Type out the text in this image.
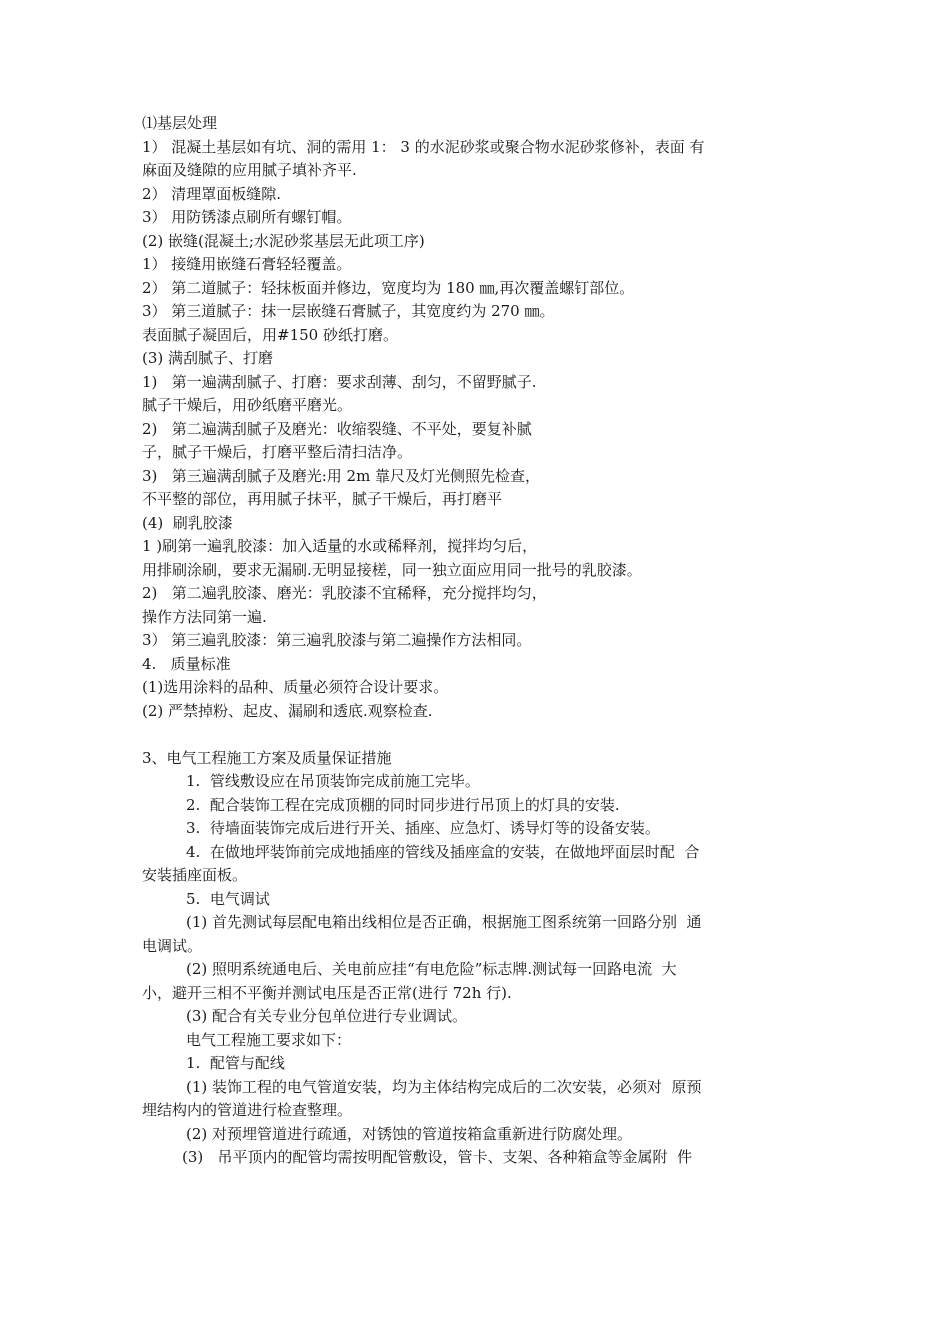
⑴基层处理
1） 混凝土基层如有坑、洞的需用 1： 3 的水泥砂浆或聚合物水泥砂浆修补，表面 有
麻面及缝隙的应用腻子填补齐平.
2） 清理罩面板缝隙.
3） 用防锈漆点刷所有螺钉帽。
(2) 嵌缝(混凝土;水泥砂浆基层无此项工序)
1） 接缝用嵌缝石膏轻轻覆盖。
2） 第二道腻子：轻抹板面并修边，宽度均为 180 ㎜,再次覆盖螺钉部位。
3） 第三道腻子：抹一层嵌缝石膏腻子，其宽度约为 270 ㎜。
表面腻子凝固后，用#150 砂纸打磨。
(3) 满刮腻子、打磨
1)   第一遍满刮腻子、打磨：要求刮薄、刮匀，不留野腻子.
腻子干燥后，用砂纸磨平磨光。
2)   第二遍满刮腻子及磨光：收缩裂缝、不平处，要复补腻
子，腻子干燥后，打磨平整后清扫洁净。
3)   第三遍满刮腻子及磨光:用 2m 靠尺及灯光侧照先检查，
不平整的部位，再用腻子抹平，腻子干燥后，再打磨平
(4)  刷乳胶漆
1 )刷第一遍乳胶漆：加入适量的水或稀释剂，搅拌均匀后，
用排刷涂刷，要求无漏刷.无明显接槎，同一独立面应用同一批号的乳胶漆。
2)   第二遍乳胶漆、磨光：乳胶漆不宜稀释，充分搅拌均匀，
操作方法同第一遍.
3） 第三遍乳胶漆：第三遍乳胶漆与第二遍操作方法相同。
4.   质量标准
(1)选用涂料的品种、质量必须符合设计要求。
(2) 严禁掉粉、起皮、漏刷和透底.观察检查.
3、电气工程施工方案及质量保证措施
1.  管线敷设应在吊顶装饰完成前施工完毕。
2.  配合装饰工程在完成顶棚的同时同步进行吊顶上的灯具的安装.
3.  待墙面装饰完成后进行开关、插座、应急灯、诱导灯等的设备安装。
4.  在做地坪装饰前完成地插座的管线及插座盒的安装，在做地坪面层时配  合
安装插座面板。
5.  电气调试
(1) 首先测试每层配电箱出线相位是否正确，根据施工图系统第一回路分别  通
电调试。
(2) 照明系统通电后、关电前应挂“有电危险”标志牌.测试每一回路电流  大
小，避开三相不平衡并测试电压是否正常(进行 72h 行).
(3) 配合有关专业分包单位进行专业调试。
电气工程施工要求如下：
1.  配管与配线
(1) 装饰工程的电气管道安装，均为主体结构完成后的二次安装，必须对  原预
埋结构内的管道进行检查整理。
(2) 对预埋管道进行疏通，对锈蚀的管道按箱盒重新进行防腐处理。
(3)   吊平顶内的配管均需按明配管敷设，管卡、支架、各种箱盒等金属附  件
